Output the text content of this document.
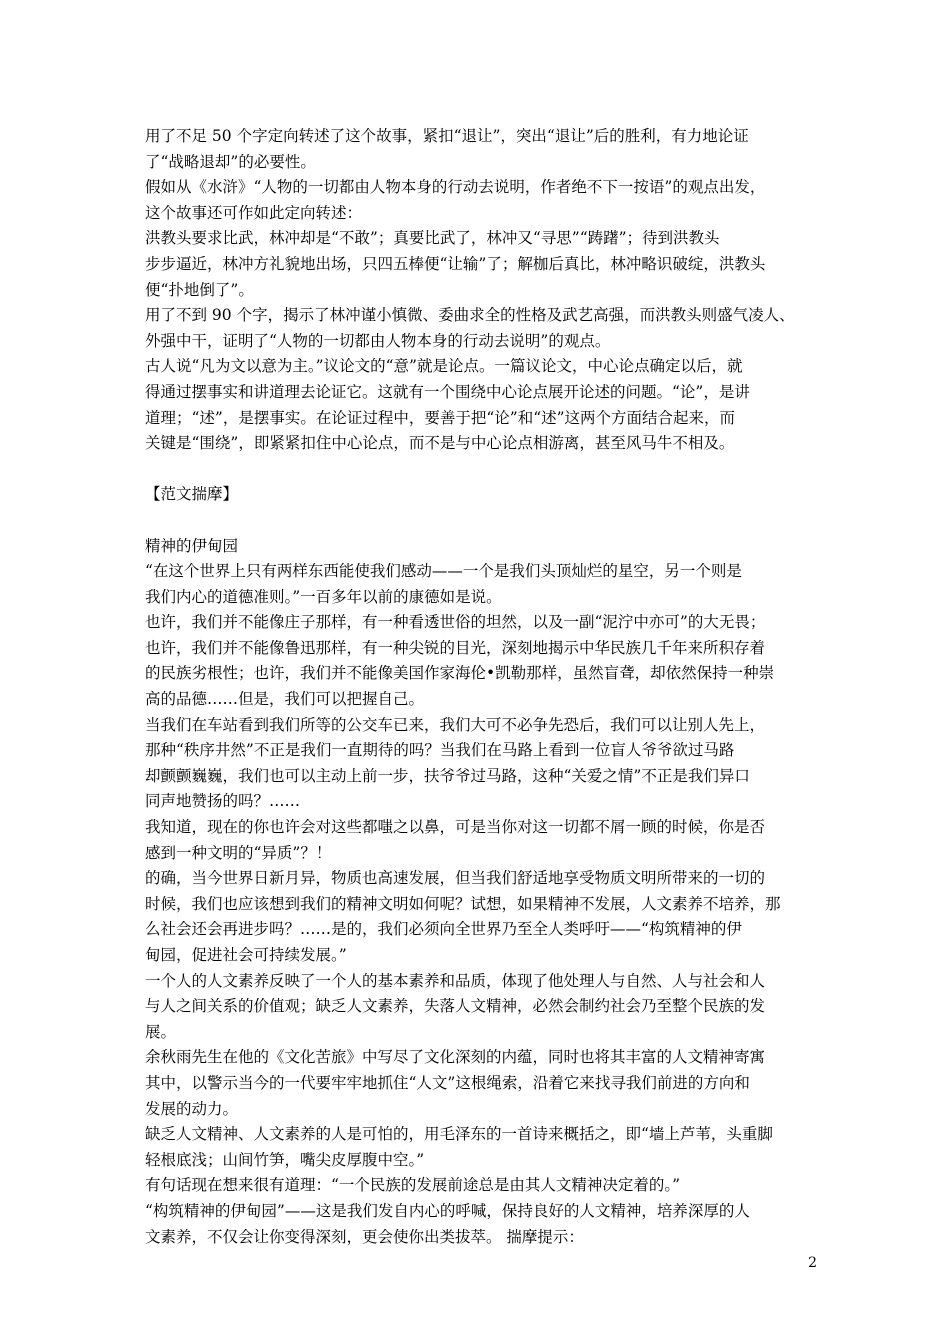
用了不足 50 个字定向转述了这个故事，紧扣“退让”，突出“退让”后的胜利，有力地论证
了“战略退却”的必要性。
假如从《水浒》“人物的一切都由人物本身的行动去说明，作者绝不下一按语”的观点出发，
这个故事还可作如此定向转述：
洪教头要求比武，林冲却是“不敢”；真要比武了，林冲又“寻思”“踌躇”；待到洪教头
步步逼近，林冲方礼貌地出场，只四五棒便“让输”了；解枷后真比，林冲略识破绽，洪教头
便“扑地倒了”。
用了不到 90 个字，揭示了林冲谨小慎微、委曲求全的性格及武艺高强，而洪教头则盛气凌人、
外强中干，证明了“人物的一切都由人物本身的行动去说明”的观点。
古人说“凡为文以意为主。”议论文的“意”就是论点。一篇议论文，中心论点确定以后，就
得通过摆事实和讲道理去论证它。这就有一个围绕中心论点展开论述的问题。“论”，是讲
道理；“述”，是摆事实。在论证过程中，要善于把“论”和“述”这两个方面结合起来，而
关键是“围绕”，即紧紧扣住中心论点，而不是与中心论点相游离，甚至风马牛不相及。
【范文揣摩】
精神的伊甸园
“在这个世界上只有两样东西能使我们感动——一个是我们头顶灿烂的星空，另一个则是
我们内心的道德准则。”一百多年以前的康德如是说。
也许，我们并不能像庄子那样，有一种看透世俗的坦然，以及一副“泥泞中亦可”的大无畏；
也许，我们并不能像鲁迅那样，有一种尖锐的目光，深刻地揭示中华民族几千年来所积存着
的民族劣根性；也许，我们并不能像美国作家海伦•凯勒那样，虽然盲聋，却依然保持一种崇
高的品德……但是，我们可以把握自己。
当我们在车站看到我们所等的公交车已来，我们大可不必争先恐后，我们可以让别人先上，
那种“秩序井然”不正是我们一直期待的吗？当我们在马路上看到一位盲人爷爷欲过马路
却颤颤巍巍，我们也可以主动上前一步，扶爷爷过马路，这种“关爱之情”不正是我们异口
同声地赞扬的吗？……
我知道，现在的你也许会对这些都嗤之以鼻，可是当你对这一切都不屑一顾的时候，你是否
感到一种文明的“异质”？！
的确，当今世界日新月异，物质也高速发展，但当我们舒适地享受物质文明所带来的一切的
时候，我们也应该想到我们的精神文明如何呢？试想，如果精神不发展，人文素养不培养，那
么社会还会再进步吗？……是的，我们必须向全世界乃至全人类呼吁——“构筑精神的伊
甸园，促进社会可持续发展。”
一个人的人文素养反映了一个人的基本素养和品质，体现了他处理人与自然、人与社会和人
与人之间关系的价值观；缺乏人文素养，失落人文精神，必然会制约社会乃至整个民族的发
展。
余秋雨先生在他的《文化苦旅》中写尽了文化深刻的内蕴，同时也将其丰富的人文精神寄寓
其中，以警示当今的一代要牢牢地抓住“人文”这根绳索，沿着它来找寻我们前进的方向和
发展的动力。
缺乏人文精神、人文素养的人是可怕的，用毛泽东的一首诗来概括之，即“墙上芦苇，头重脚
轻根底浅；山间竹笋，嘴尖皮厚腹中空。”
有句话现在想来很有道理：“一个民族的发展前途总是由其人文精神决定着的。”
“构筑精神的伊甸园”——这是我们发自内心的呼喊，保持良好的人文精神，培养深厚的人
文素养，不仅会让你变得深刻，更会使你出类拔萃。 揣摩提示：
2
